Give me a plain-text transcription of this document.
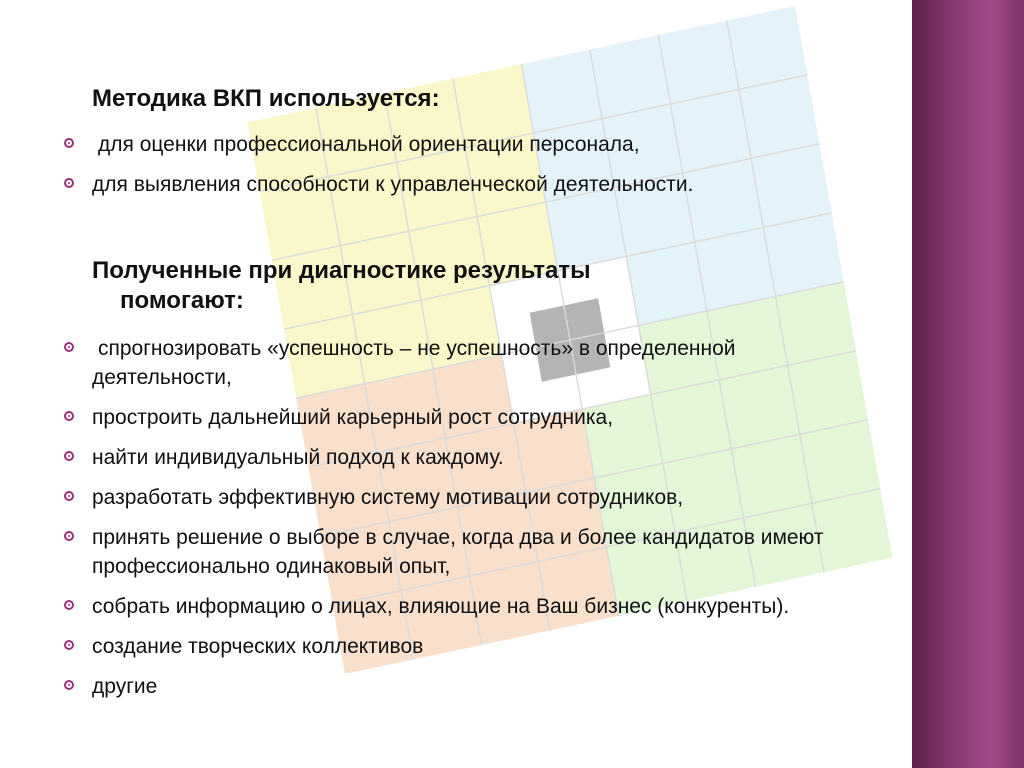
Методика ВКП используется:
для оценки профессиональной ориентации персонала,
для выявления способности к управленческой деятельности.
Полученные при диагностике результаты
помогают:
спрогнозировать «успешность – не успешность» в определенной деятельности,
простроить дальнейший карьерный рост сотрудника,
найти индивидуальный подход к каждому.
разработать эффективную систему мотивации сотрудников,
принять решение о выборе в случае, когда два и более кандидатов имеют профессионально одинаковый опыт,
собрать информацию о лицах, влияющие на Ваш бизнес (конкуренты).
создание творческих коллективов
другие
